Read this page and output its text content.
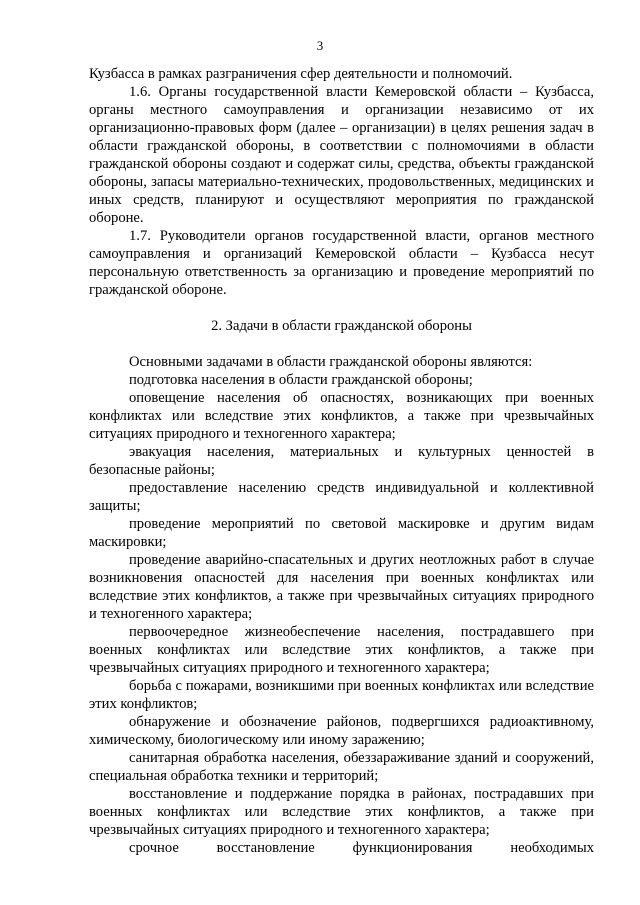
3

Кузбасса в рамках разграничения сфер деятельности и полномочий.

1.6. Органы государственной власти Кемеровской области – Кузбасса, органы местного самоуправления и организации независимо от их организационно-правовых форм (далее – организации) в целях решения задач в области гражданской обороны, в соответствии с полномочиями в области гражданской обороны создают и содержат силы, средства, объекты гражданской обороны, запасы материально-технических, продовольственных, медицинских и иных средств, планируют и осуществляют мероприятия по гражданской обороне.

1.7. Руководители органов государственной власти, органов местного самоуправления и организаций Кемеровской области – Кузбасса несут персональную ответственность за организацию и проведение мероприятий по гражданской обороне.

2. Задачи в области гражданской обороны

Основными задачами в области гражданской обороны являются:

подготовка населения в области гражданской обороны;

оповещение населения об опасностях, возникающих при военных конфликтах или вследствие этих конфликтов, а также при чрезвычайных ситуациях природного и техногенного характера;

эвакуация населения, материальных и культурных ценностей в безопасные районы;

предоставление населению средств индивидуальной и коллективной защиты;

проведение мероприятий по световой маскировке и другим видам маскировки;

проведение аварийно-спасательных и других неотложных работ в случае возникновения опасностей для населения при военных конфликтах или вследствие этих конфликтов, а также при чрезвычайных ситуациях природного и техногенного характера;

первоочередное жизнеобеспечение населения, пострадавшего при военных конфликтах или вследствие этих конфликтов, а также при чрезвычайных ситуациях природного и техногенного характера;

борьба с пожарами, возникшими при военных конфликтах или вследствие этих конфликтов;

обнаружение и обозначение районов, подвергшихся радиоактивному, химическому, биологическому или иному заражению;

санитарная обработка населения, обеззараживание зданий и сооружений, специальная обработка техники и территорий;

восстановление и поддержание порядка в районах, пострадавших при военных конфликтах или вследствие этих конфликтов, а также при чрезвычайных ситуациях природного и техногенного характера;

срочное восстановление функционирования необходимых
